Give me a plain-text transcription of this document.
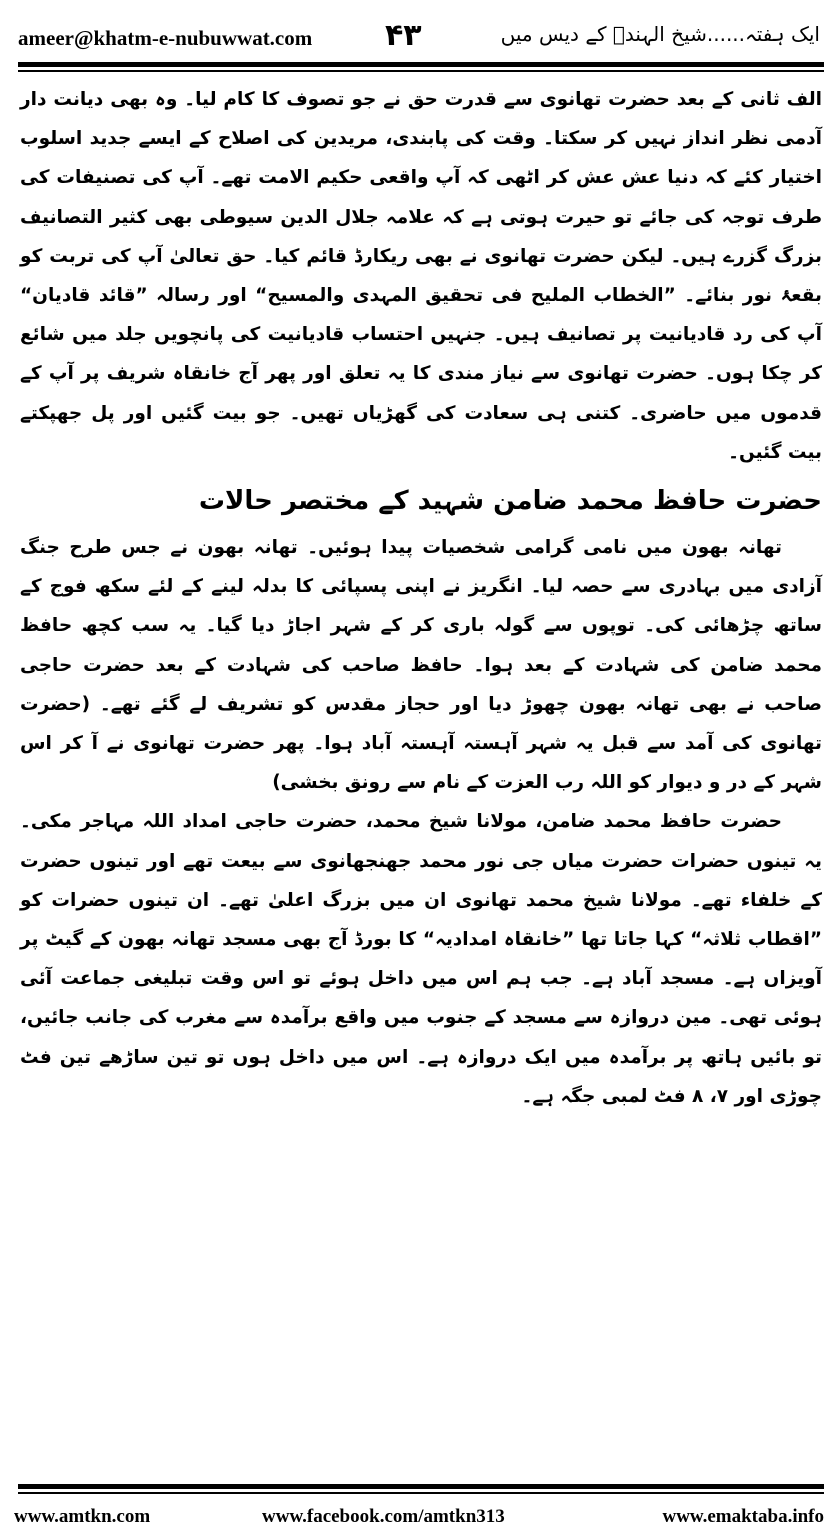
ameer@khatm-e-nubuwwat.com ۴۳	ایک ہفتہ......شیخ الہندؒ کے دیس میں

الف ثانی کے بعد حضرت تھانوی سے قدرت حق نے جو تصوف کا کام لیا۔ وہ بھی دیانت دار آدمی نظر انداز نہیں کر سکتا۔ وقت کی پابندی، مریدین کی اصلاح کے ایسے جدید اسلوب اختیار کئے کہ دنیا عش عش کر اٹھی کہ آپ واقعی حکیم الامت تھے۔ آپ کی تصنیفات کی طرف توجہ کی جائے تو حیرت ہوتی ہے کہ علامہ جلال الدین سیوطی بھی کثیر التصانیف بزرگ گزرے ہیں۔ لیکن حضرت تھانوی نے بھی ریکارڈ قائم کیا۔ حق تعالیٰ آپ کی تربت کو بقعۂ نور بنائے۔ ”الخطاب الملیح فی تحقیق المہدی والمسیح“ اور رسالہ ”قائد قادیان“ آپ کی رد قادیانیت پر تصانیف ہیں۔ جنہیں احتساب قادیانیت کی پانچویں جلد میں شائع کر چکا ہوں۔ حضرت تھانوی سے نیاز مندی کا یہ تعلق اور پھر آج خانقاہ شریف پر آپ کے قدموں میں حاضری۔ کتنی ہی سعادت کی گھڑیاں تھیں۔ جو بیت گئیں اور پل جھپکتے بیت گئیں۔

حضرت حافظ محمد ضامن شہید کے مختصر حالات

تھانہ بھون میں نامی گرامی شخصیات پیدا ہوئیں۔ تھانہ بھون نے جس طرح جنگ آزادی میں بہادری سے حصہ لیا۔ انگریز نے اپنی پسپائی کا بدلہ لینے کے لئے سکھ فوج کے ساتھ چڑھائی کی۔ توپوں سے گولہ باری کر کے شہر اجاڑ دیا گیا۔ یہ سب کچھ حافظ محمد ضامن کی شہادت کے بعد ہوا۔ حافظ صاحب کی شہادت کے بعد حضرت حاجی صاحب نے بھی تھانہ بھون چھوڑ دیا اور حجاز مقدس کو تشریف لے گئے تھے۔ (حضرت تھانوی کی آمد سے قبل یہ شہر آہستہ آہستہ آباد ہوا۔ پھر حضرت تھانوی نے آ کر اس شہر کے در و دیوار کو اللہ رب العزت کے نام سے رونق بخشی)

حضرت حافظ محمد ضامن، مولانا شیخ محمد، حضرت حاجی امداد اللہ مہاجر مکی۔ یہ تینوں حضرات حضرت میاں جی نور محمد جھنجھانوی سے بیعت تھے اور تینوں حضرت کے خلفاء تھے۔ مولانا شیخ محمد تھانوی ان میں بزرگ اعلیٰ تھے۔ ان تینوں حضرات کو ”اقطاب ثلاثہ“ کہا جاتا تھا ”خانقاہ امدادیہ“ کا بورڈ آج بھی مسجد تھانہ بھون کے گیٹ پر آویزاں ہے۔ مسجد آباد ہے۔ جب ہم اس میں داخل ہوئے تو اس وقت تبلیغی جماعت آئی ہوئی تھی۔ مین دروازہ سے مسجد کے جنوب میں واقع برآمدہ سے مغرب کی جانب جائیں، تو بائیں ہاتھ پر برآمدہ میں ایک دروازہ ہے۔ اس میں داخل ہوں تو تین ساڑھے تین فٹ چوڑی اور ۷، ۸ فٹ لمبی جگہ ہے۔

www.amtkn.com	www.facebook.com/amtkn313	www.emaktaba.info
